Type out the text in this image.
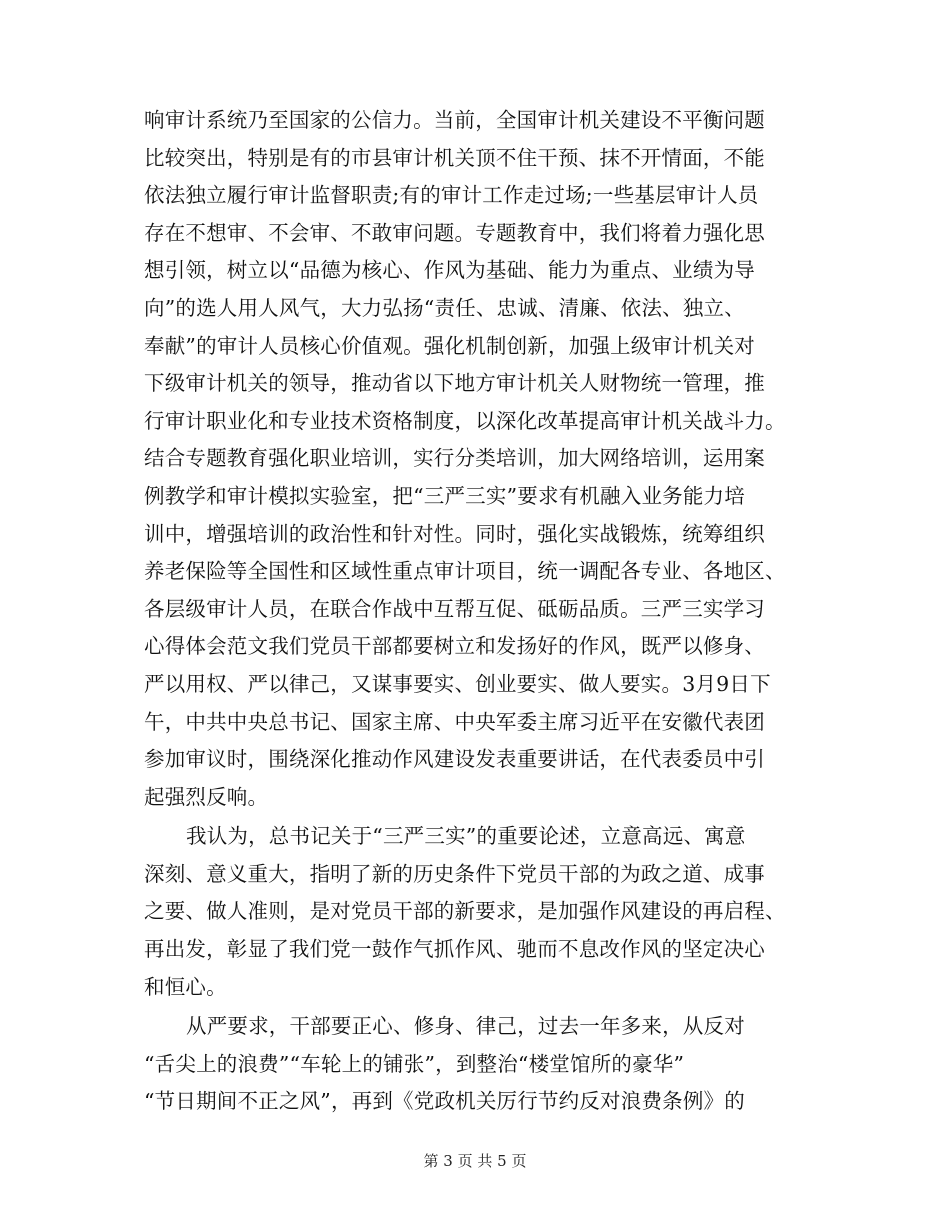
响审计系统乃至国家的公信力。当前，全国审计机关建设不平衡问题
比较突出，特别是有的市县审计机关顶不住干预、抹不开情面，不能
依法独立履行审计监督职责;有的审计工作走过场;一些基层审计人员
存在不想审、不会审、不敢审问题。专题教育中，我们将着力强化思
想引领，树立以“品德为核心、作风为基础、能力为重点、业绩为导
向”的选人用人风气，大力弘扬“责任、忠诚、清廉、依法、独立、
奉献”的审计人员核心价值观。强化机制创新，加强上级审计机关对
下级审计机关的领导，推动省以下地方审计机关人财物统一管理，推
行审计职业化和专业技术资格制度，以深化改革提高审计机关战斗力。
结合专题教育强化职业培训，实行分类培训，加大网络培训，运用案
例教学和审计模拟实验室，把“三严三实”要求有机融入业务能力培
训中，增强培训的政治性和针对性。同时，强化实战锻炼，统筹组织
养老保险等全国性和区域性重点审计项目，统一调配各专业、各地区、
各层级审计人员，在联合作战中互帮互促、砥砺品质。三严三实学习
心得体会范文我们党员干部都要树立和发扬好的作风，既严以修身、
严以用权、严以律己，又谋事要实、创业要实、做人要实。3月9日下
午，中共中央总书记、国家主席、中央军委主席习近平在安徽代表团
参加审议时，围绕深化推动作风建设发表重要讲话，在代表委员中引
起强烈反响。
我认为，总书记关于“三严三实”的重要论述，立意高远、寓意
深刻、意义重大，指明了新的历史条件下党员干部的为政之道、成事
之要、做人准则，是对党员干部的新要求，是加强作风建设的再启程、
再出发，彰显了我们党一鼓作气抓作风、驰而不息改作风的坚定决心
和恒心。
从严要求，干部要正心、修身、律己，过去一年多来，从反对
“舌尖上的浪费”“车轮上的铺张”，到整治“楼堂馆所的豪华”
“节日期间不正之风”，再到《党政机关厉行节约反对浪费条例》的
第 3 页 共 5 页
